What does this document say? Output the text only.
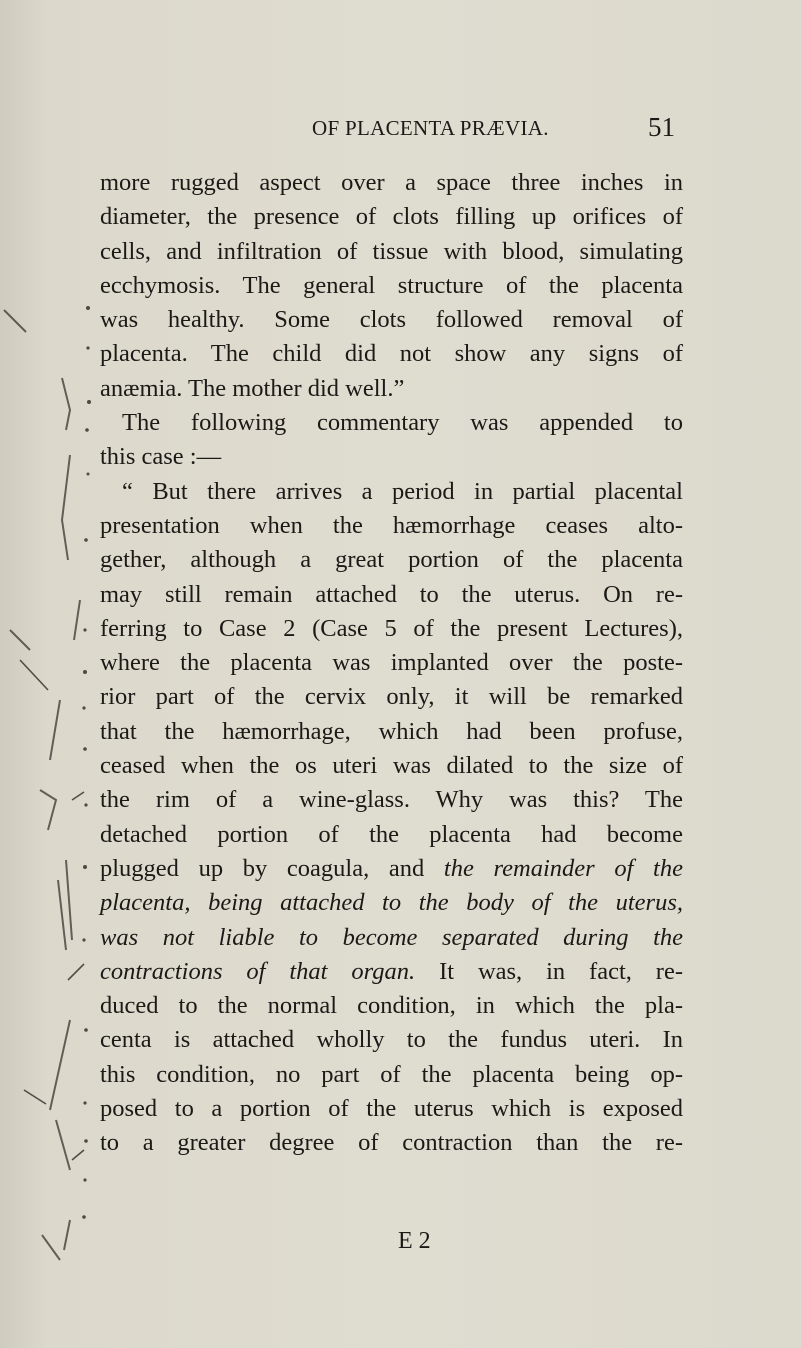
OF PLACENTA PRÆVIA.	51
more rugged aspect over a space three inches in
diameter, the presence of clots filling up orifices of
cells, and infiltration of tissue with blood, simulating
ecchymosis. The general structure of the placenta
was healthy. Some clots followed removal of
placenta. The child did not show any signs of
anæmia. The mother did well.”
The following commentary was appended to
this case :—
“ But there arrives a period in partial placental
presentation when the hæmorrhage ceases alto-
gether, although a great portion of the placenta
may still remain attached to the uterus. On re-
ferring to Case 2 (Case 5 of the present Lectures),
where the placenta was implanted over the poste-
rior part of the cervix only, it will be remarked
that the hæmorrhage, which had been profuse,
ceased when the os uteri was dilated to the size of
the rim of a wine-glass. Why was this? The
detached portion of the placenta had become
plugged up by coagula, and the remainder of the
placenta, being attached to the body of the uterus,
was not liable to become separated during the
contractions of that organ. It was, in fact, re-
duced to the normal condition, in which the pla-
centa is attached wholly to the fundus uteri. In
this condition, no part of the placenta being op-
posed to a portion of the uterus which is exposed
to a greater degree of contraction than the re-
E 2
